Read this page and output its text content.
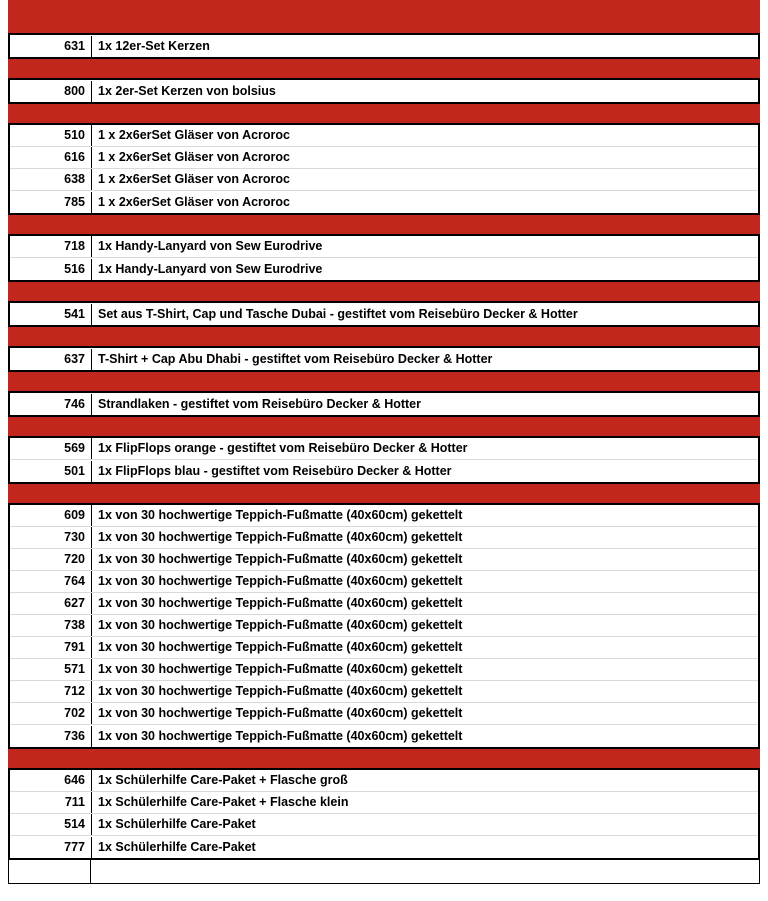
631	1x 12er-Set Kerzen
800	1x 2er-Set Kerzen von bolsius
510	1 x 2x6erSet Gläser von Acroroc
616	1 x 2x6erSet Gläser von Acroroc
638	1 x 2x6erSet Gläser von Acroroc
785	1 x 2x6erSet Gläser von Acroroc
718	1x Handy-Lanyard von Sew Eurodrive
516	1x Handy-Lanyard von Sew Eurodrive
541	Set aus T-Shirt, Cap und Tasche Dubai - gestiftet vom Reisebüro Decker & Hotter
637	T-Shirt + Cap Abu Dhabi - gestiftet vom Reisebüro Decker & Hotter
746	Strandlaken - gestiftet vom Reisebüro Decker & Hotter
569	1x FlipFlops orange - gestiftet vom Reisebüro Decker & Hotter
501	1x FlipFlops blau - gestiftet vom Reisebüro Decker & Hotter
609	1x von 30 hochwertige Teppich-Fußmatte (40x60cm) gekettelt
730	1x von 30 hochwertige Teppich-Fußmatte (40x60cm) gekettelt
720	1x von 30 hochwertige Teppich-Fußmatte (40x60cm) gekettelt
764	1x von 30 hochwertige Teppich-Fußmatte (40x60cm) gekettelt
627	1x von 30 hochwertige Teppich-Fußmatte (40x60cm) gekettelt
738	1x von 30 hochwertige Teppich-Fußmatte (40x60cm) gekettelt
791	1x von 30 hochwertige Teppich-Fußmatte (40x60cm) gekettelt
571	1x von 30 hochwertige Teppich-Fußmatte (40x60cm) gekettelt
712	1x von 30 hochwertige Teppich-Fußmatte (40x60cm) gekettelt
702	1x von 30 hochwertige Teppich-Fußmatte (40x60cm) gekettelt
736	1x von 30 hochwertige Teppich-Fußmatte (40x60cm) gekettelt
646	1x Schülerhilfe Care-Paket + Flasche groß
711	1x Schülerhilfe Care-Paket + Flasche klein
514	1x Schülerhilfe Care-Paket
777	1x Schülerhilfe Care-Paket
